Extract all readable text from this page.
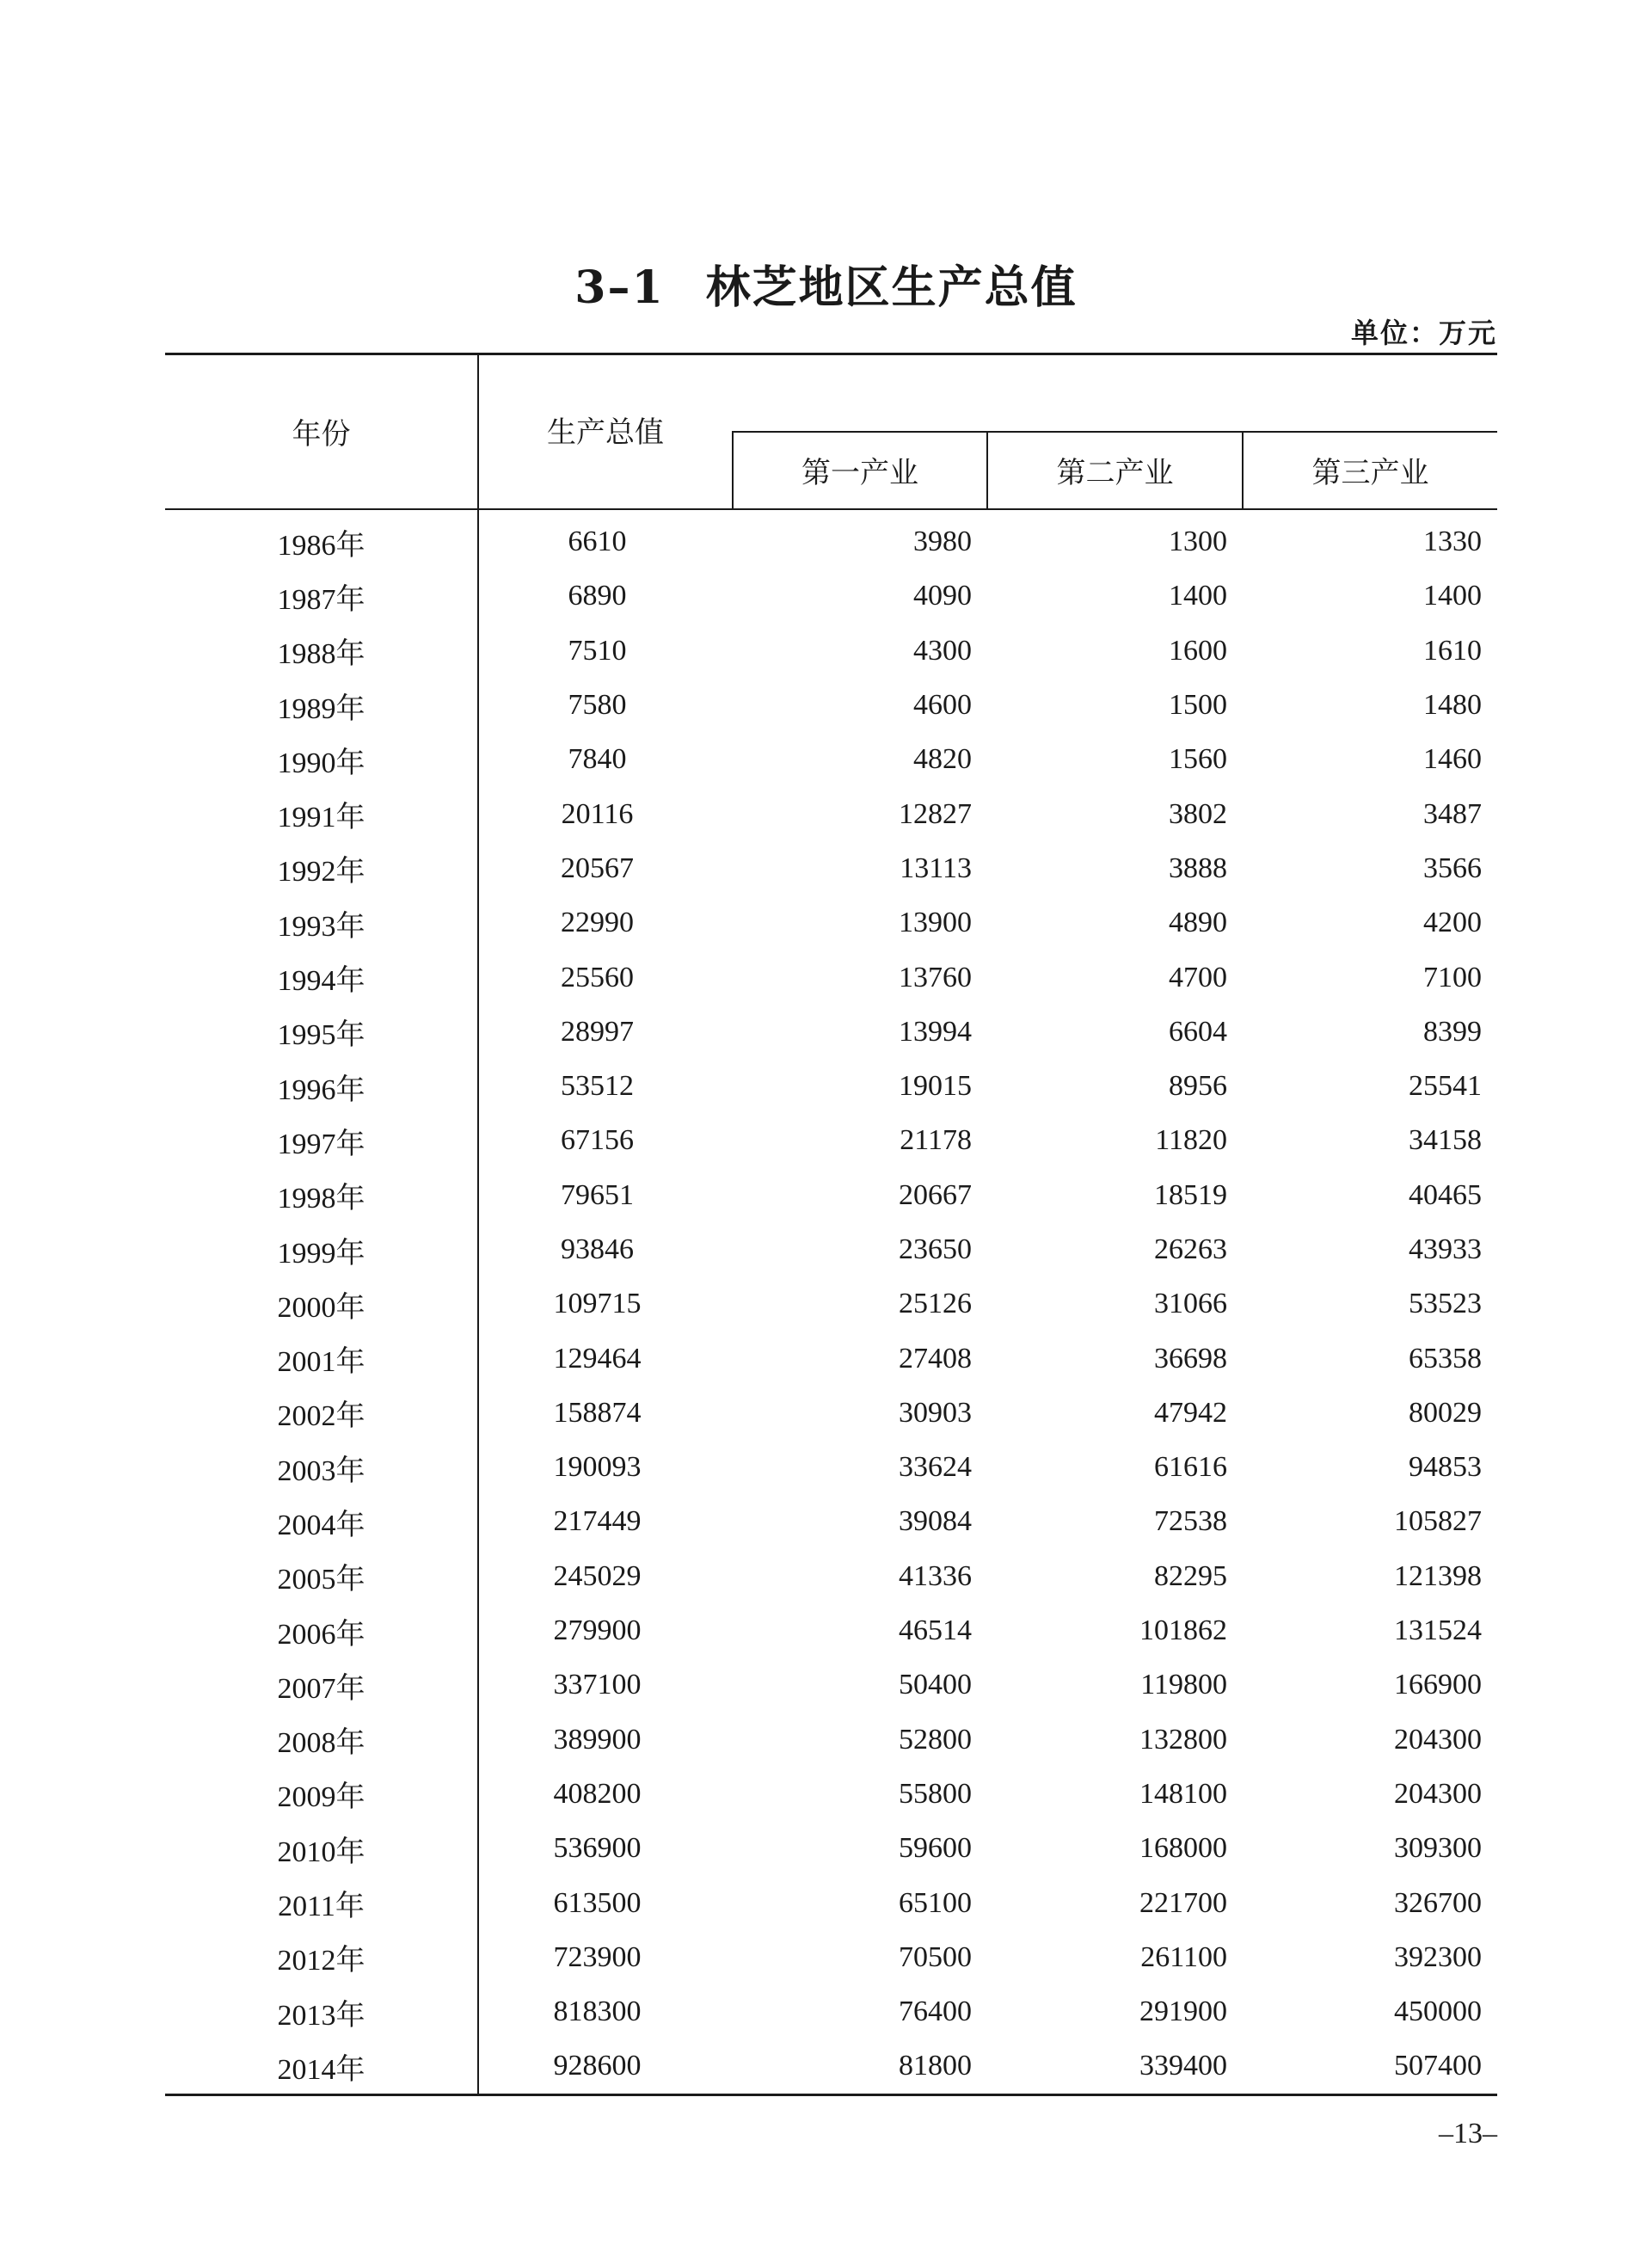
3–1 林芝地区生产总值
单位：万元
年份	生产总值			
		第一产业	第二产业	第三产业
1986年	6610	3980	1300	1330
1987年	6890	4090	1400	1400
1988年	7510	4300	1600	1610
1989年	7580	4600	1500	1480
1990年	7840	4820	1560	1460
1991年	20116	12827	3802	3487
1992年	20567	13113	3888	3566
1993年	22990	13900	4890	4200
1994年	25560	13760	4700	7100
1995年	28997	13994	6604	8399
1996年	53512	19015	8956	25541
1997年	67156	21178	11820	34158
1998年	79651	20667	18519	40465
1999年	93846	23650	26263	43933
2000年	109715	25126	31066	53523
2001年	129464	27408	36698	65358
2002年	158874	30903	47942	80029
2003年	190093	33624	61616	94853
2004年	217449	39084	72538	105827
2005年	245029	41336	82295	121398
2006年	279900	46514	101862	131524
2007年	337100	50400	119800	166900
2008年	389900	52800	132800	204300
2009年	408200	55800	148100	204300
2010年	536900	59600	168000	309300
2011年	613500	65100	221700	326700
2012年	723900	70500	261100	392300
2013年	818300	76400	291900	450000
2014年	928600	81800	339400	507400
–13–
